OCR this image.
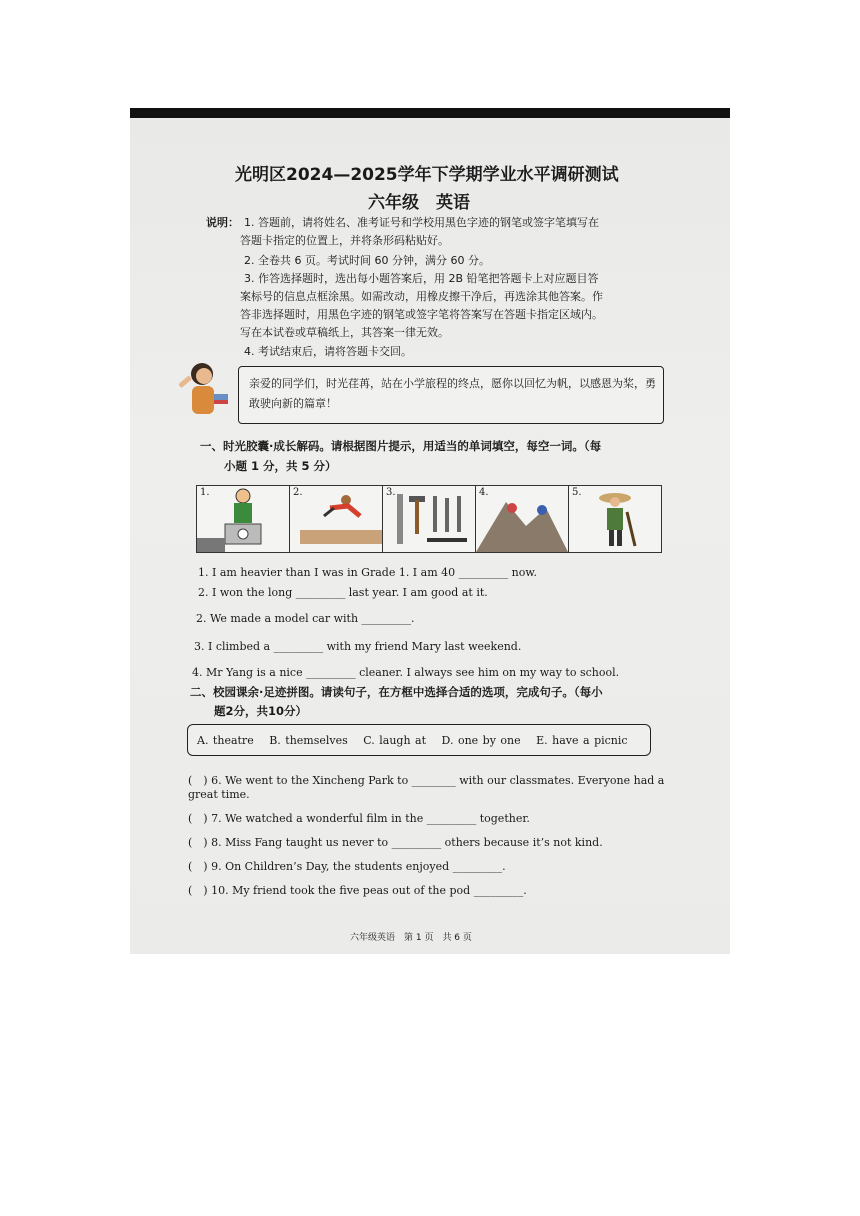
光明区2024—2025学年下学期学业水平调研测试
六年级　英语
说明： 1. 答题前，请将姓名、准考证号和学校用黑色字迹的钢笔或签字笔填写在
答题卡指定的位置上，并将条形码粘贴好。
2. 全卷共 6 页。考试时间 60 分钟，满分 60 分。
3. 作答选择题时，选出每小题答案后，用 2B 铅笔把答题卡上对应题目答
案标号的信息点框涂黑。如需改动，用橡皮擦干净后，再选涂其他答案。作
答非选择题时，用黑色字迹的钢笔或签字笔将答案写在答题卡指定区域内。
写在本试卷或草稿纸上，其答案一律无效。
4. 考试结束后，请将答题卡交回。
亲爱的同学们，时光荏苒，站在小学旅程的终点，愿你以回忆为帆，以感恩为桨，勇敢驶向新的篇章！
一、时光胶囊·成长解码。请根据图片提示，用适当的单词填空，每空一词。（每
小题 1 分，共 5 分）
1.	2.	3.	4.	5.
1. I am heavier than I was in Grade 1. I am 40 _________ now.
2. I won the long _________ last year. I am good at it.
2. We made a model car with _________.
3. I climbed a _________ with my friend Mary last weekend.
4. Mr Yang is a nice _________ cleaner. I always see him on my way to school.
二、校园课余·足迹拼图。请读句子，在方框中选择合适的选项，完成句子。（每小
题2分，共10分）
A. theatre　 B. themselves　 C. laugh at　 D. one by one　 E. have a picnic
(　) 6. We went to the Xincheng Park to ________ with our classmates. Everyone had a
great time.
(　) 7. We watched a wonderful film in the _________ together.
(　) 8. Miss Fang taught us never to _________ others because it’s not kind.
(　) 9. On Children’s Day, the students enjoyed _________.
(　) 10. My friend took the five peas out of the pod _________.
六年级英语　第 1 页　共 6 页
